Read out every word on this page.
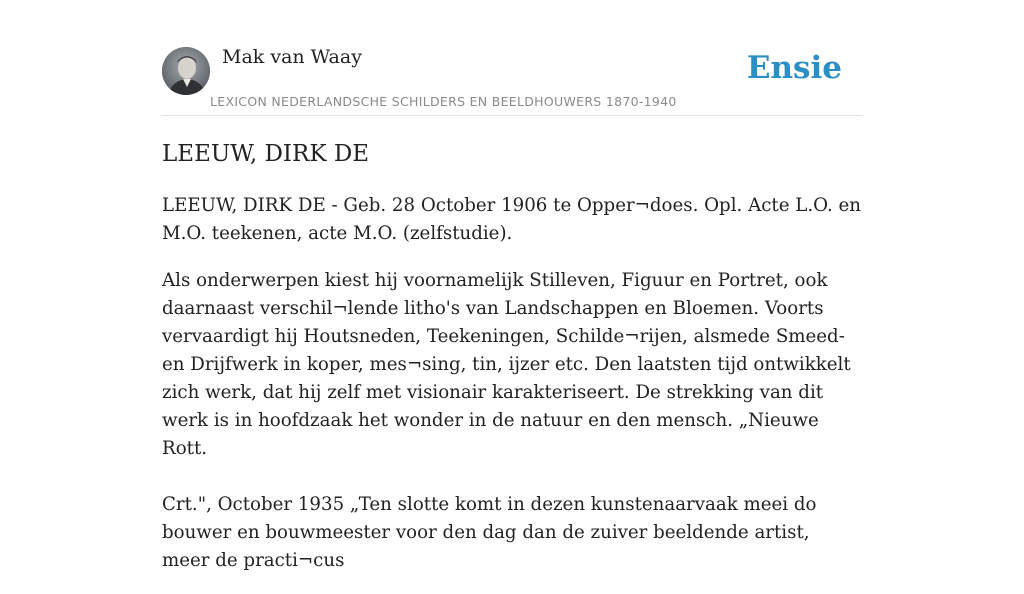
Mak van Waay
LEXICON NEDERLANDSCHE SCHILDERS EN BEELDHOUWERS 1870-1940
Ensie
LEEUW, DIRK DE

LEEUW, DIRK DE - Geb. 28 October 1906 te Opper¬does. Opl. Acte L.O. en M.O. teekenen, acte M.O. (zelfstudie).

Als onderwerpen kiest hij voornamelijk Stilleven, Figuur en Portret, ook daarnaast verschil¬lende litho's van Landschappen en Bloemen. Voorts vervaardigt hij Houtsneden, Teekeningen, Schilde¬rijen, alsmede Smeed- en Drijfwerk in koper, mes¬sing, tin, ijzer etc. Den laatsten tijd ontwikkelt zich werk, dat hij zelf met visionair karakteriseert. De strekking van dit werk is in hoofdzaak het wonder in de natuur en den mensch. „Nieuwe Rott.

Crt.", October 1935 „Ten slotte komt in dezen kunstenaarvaak meei do bouwer en bouwmeester voor den dag dan de zuiver beeldende artist, meer de practi¬cus
